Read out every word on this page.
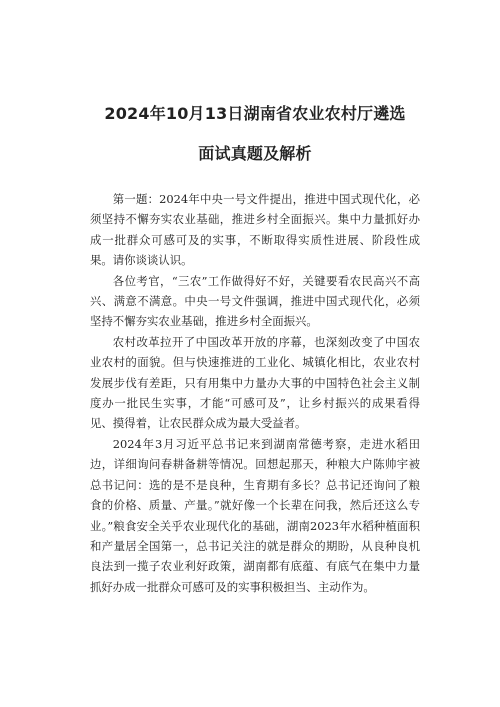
2024年10月13日湖南省农业农村厅遴选
面试真题及解析

第一题：2024年中央一号文件提出，推进中国式现代化，必须坚持不懈夯实农业基础，推进乡村全面振兴。集中力量抓好办成一批群众可感可及的实事，不断取得实质性进展、阶段性成果。请你谈谈认识。

各位考官，“三农”工作做得好不好，关键要看农民高兴不高兴、满意不满意。中央一号文件强调，推进中国式现代化，必须坚持不懈夯实农业基础，推进乡村全面振兴。

农村改革拉开了中国改革开放的序幕，也深刻改变了中国农业农村的面貌。但与快速推进的工业化、城镇化相比，农业农村发展步伐有差距，只有用集中力量办大事的中国特色社会主义制度办一批民生实事，才能“可感可及”，让乡村振兴的成果看得见、摸得着，让农民群众成为最大受益者。

2024年3月习近平总书记来到湖南常德考察，走进水稻田边，详细询问春耕备耕等情况。回想起那天，种粮大户陈帅宇被总书记问：选的是不是良种，生育期有多长？总书记还询问了粮食的价格、质量、产量。”就好像一个长辈在问我，然后还这么专业。”粮食安全关乎农业现代化的基础，湖南2023年水稻种植面积和产量居全国第一，总书记关注的就是群众的期盼，从良种良机良法到一揽子农业利好政策，湖南都有底蕴、有底气在集中力量抓好办成一批群众可感可及的实事积极担当、主动作为。
